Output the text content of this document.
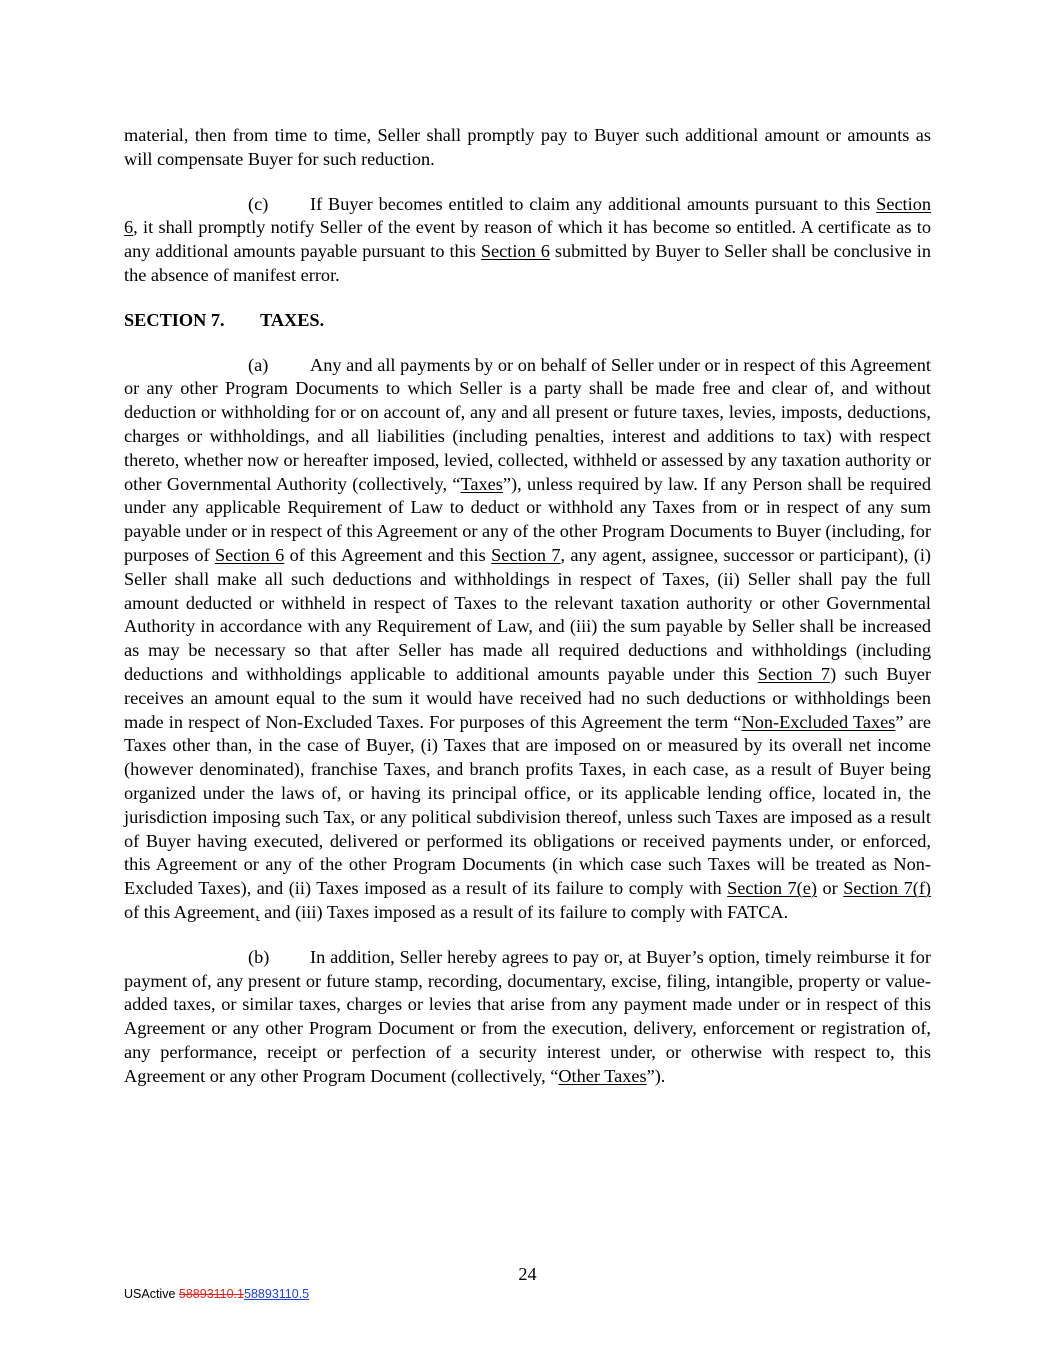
material, then from time to time, Seller shall promptly pay to Buyer such additional amount or amounts as will compensate Buyer for such reduction.

(c) If Buyer becomes entitled to claim any additional amounts pursuant to this Section 6, it shall promptly notify Seller of the event by reason of which it has become so entitled. A certificate as to any additional amounts payable pursuant to this Section 6 submitted by Buyer to Seller shall be conclusive in the absence of manifest error.

SECTION 7. TAXES.

(a) Any and all payments by or on behalf of Seller under or in respect of this Agreement or any other Program Documents to which Seller is a party shall be made free and clear of, and without deduction or withholding for or on account of, any and all present or future taxes, levies, imposts, deductions, charges or withholdings, and all liabilities (including penalties, interest and additions to tax) with respect thereto, whether now or hereafter imposed, levied, collected, withheld or assessed by any taxation authority or other Governmental Authority (collectively, “Taxes”), unless required by law. If any Person shall be required under any applicable Requirement of Law to deduct or withhold any Taxes from or in respect of any sum payable under or in respect of this Agreement or any of the other Program Documents to Buyer (including, for purposes of Section 6 of this Agreement and this Section 7, any agent, assignee, successor or participant), (i) Seller shall make all such deductions and withholdings in respect of Taxes, (ii) Seller shall pay the full amount deducted or withheld in respect of Taxes to the relevant taxation authority or other Governmental Authority in accordance with any Requirement of Law, and (iii) the sum payable by Seller shall be increased as may be necessary so that after Seller has made all required deductions and withholdings (including deductions and withholdings applicable to additional amounts payable under this Section 7) such Buyer receives an amount equal to the sum it would have received had no such deductions or withholdings been made in respect of Non-Excluded Taxes. For purposes of this Agreement the term “Non-Excluded Taxes” are Taxes other than, in the case of Buyer, (i) Taxes that are imposed on or measured by its overall net income (however denominated), franchise Taxes, and branch profits Taxes, in each case, as a result of Buyer being organized under the laws of, or having its principal office, or its applicable lending office, located in, the jurisdiction imposing such Tax, or any political subdivision thereof, unless such Taxes are imposed as a result of Buyer having executed, delivered or performed its obligations or received payments under, or enforced, this Agreement or any of the other Program Documents (in which case such Taxes will be treated as Non-Excluded Taxes), and (ii) Taxes imposed as a result of its failure to comply with Section 7(e) or Section 7(f) of this Agreement, and (iii) Taxes imposed as a result of its failure to comply with FATCA.

(b) In addition, Seller hereby agrees to pay or, at Buyer’s option, timely reimburse it for payment of, any present or future stamp, recording, documentary, excise, filing, intangible, property or value-added taxes, or similar taxes, charges or levies that arise from any payment made under or in respect of this Agreement or any other Program Document or from the execution, delivery, enforcement or registration of, any performance, receipt or perfection of a security interest under, or otherwise with respect to, this Agreement or any other Program Document (collectively, “Other Taxes”).

24
USActive 58893110.158893110.5
